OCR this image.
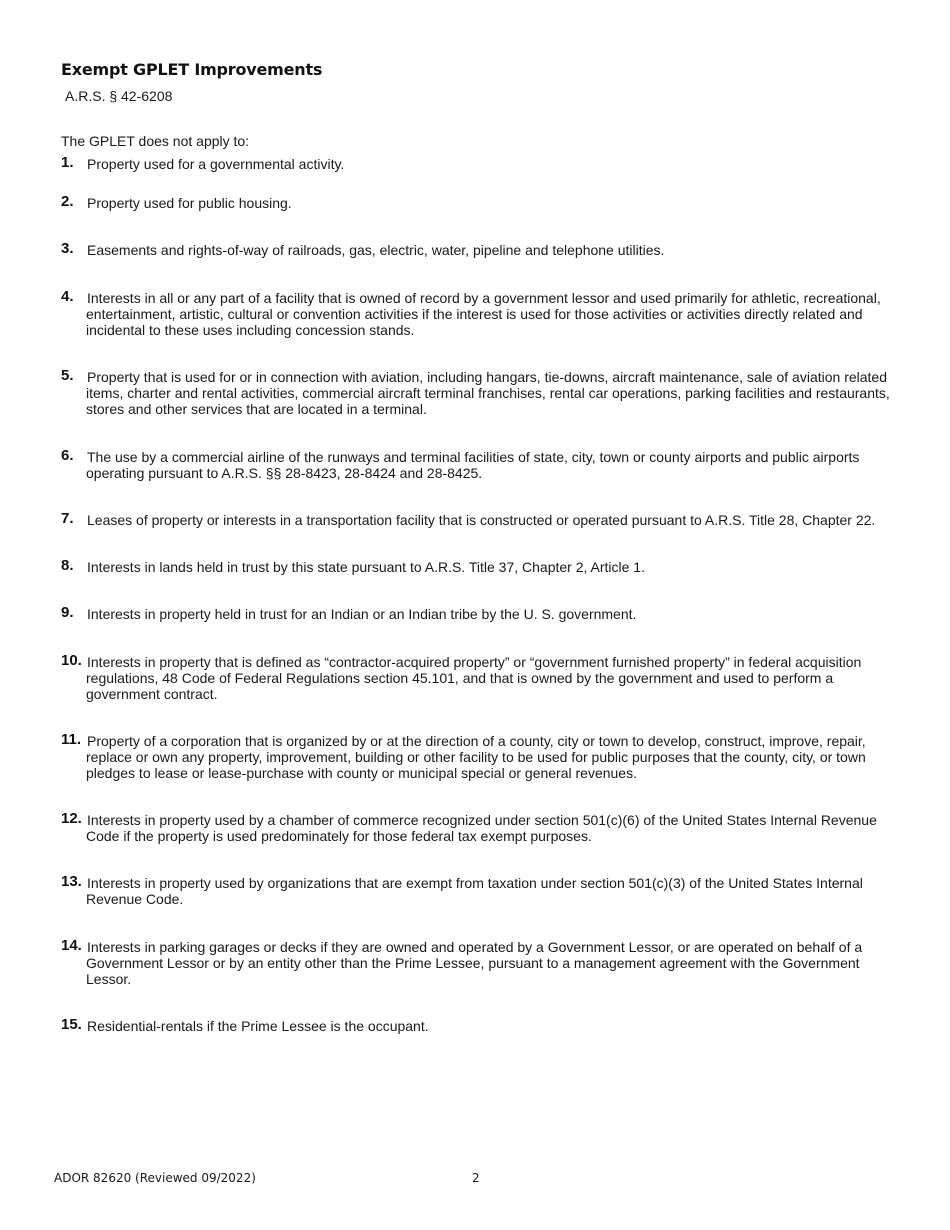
Exempt GPLET Improvements
A.R.S. § 42-6208
The GPLET does not apply to:
1. Property used for a governmental activity.
2. Property used for public housing.
3. Easements and rights-of-way of railroads, gas, electric, water, pipeline and telephone utilities.
4. Interests in all or any part of a facility that is owned of record by a government lessor and used primarily for athletic, recreational, entertainment, artistic, cultural or convention activities if the interest is used for those activities or activities directly related and incidental to these uses including concession stands.
5. Property that is used for or in connection with aviation, including hangars, tie-downs, aircraft maintenance, sale of aviation related items, charter and rental activities, commercial aircraft terminal franchises, rental car operations, parking facilities and restaurants, stores and other services that are located in a terminal.
6. The use by a commercial airline of the runways and terminal facilities of state, city, town or county airports and public airports operating pursuant to A.R.S. §§ 28-8423, 28-8424 and 28-8425.
7. Leases of property or interests in a transportation facility that is constructed or operated pursuant to A.R.S. Title 28, Chapter 22.
8. Interests in lands held in trust by this state pursuant to A.R.S. Title 37, Chapter 2, Article 1.
9. Interests in property held in trust for an Indian or an Indian tribe by the U. S. government.
10. Interests in property that is defined as “contractor-acquired property” or “government furnished property” in federal acquisition regulations, 48 Code of Federal Regulations section 45.101, and that is owned by the government and used to perform a government contract.
11. Property of a corporation that is organized by or at the direction of a county, city or town to develop, construct, improve, repair, replace or own any property, improvement, building or other facility to be used for public purposes that the county, city, or town pledges to lease or lease-purchase with county or municipal special or general revenues.
12. Interests in property used by a chamber of commerce recognized under section 501(c)(6) of the United States Internal Revenue Code if the property is used predominately for those federal tax exempt purposes.
13. Interests in property used by organizations that are exempt from taxation under section 501(c)(3) of the United States Internal Revenue Code.
14. Interests in parking garages or decks if they are owned and operated by a Government Lessor, or are operated on behalf of a Government Lessor or by an entity other than the Prime Lessee, pursuant to a management agreement with the Government Lessor.
15. Residential-rentals if the Prime Lessee is the occupant.
ADOR 82620 (Reviewed 09/2022)	2
